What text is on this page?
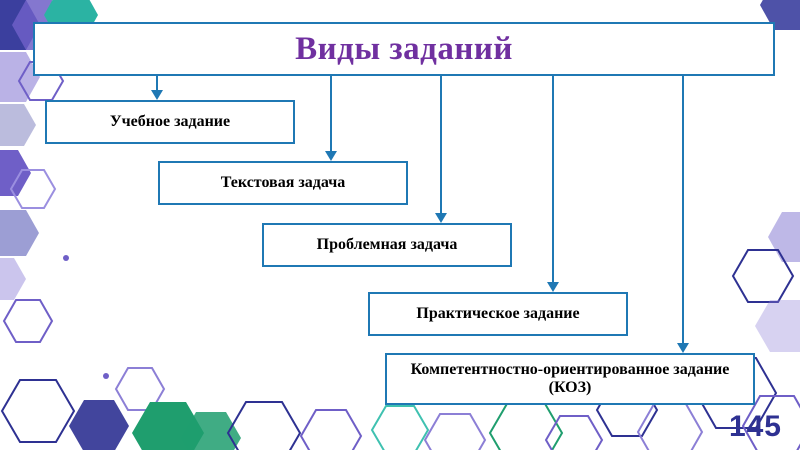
Виды заданий
Учебное задание
Текстовая задача
Проблемная задача
Практическое задание
Компетентностно-ориентированное задание (КОЗ)
145
